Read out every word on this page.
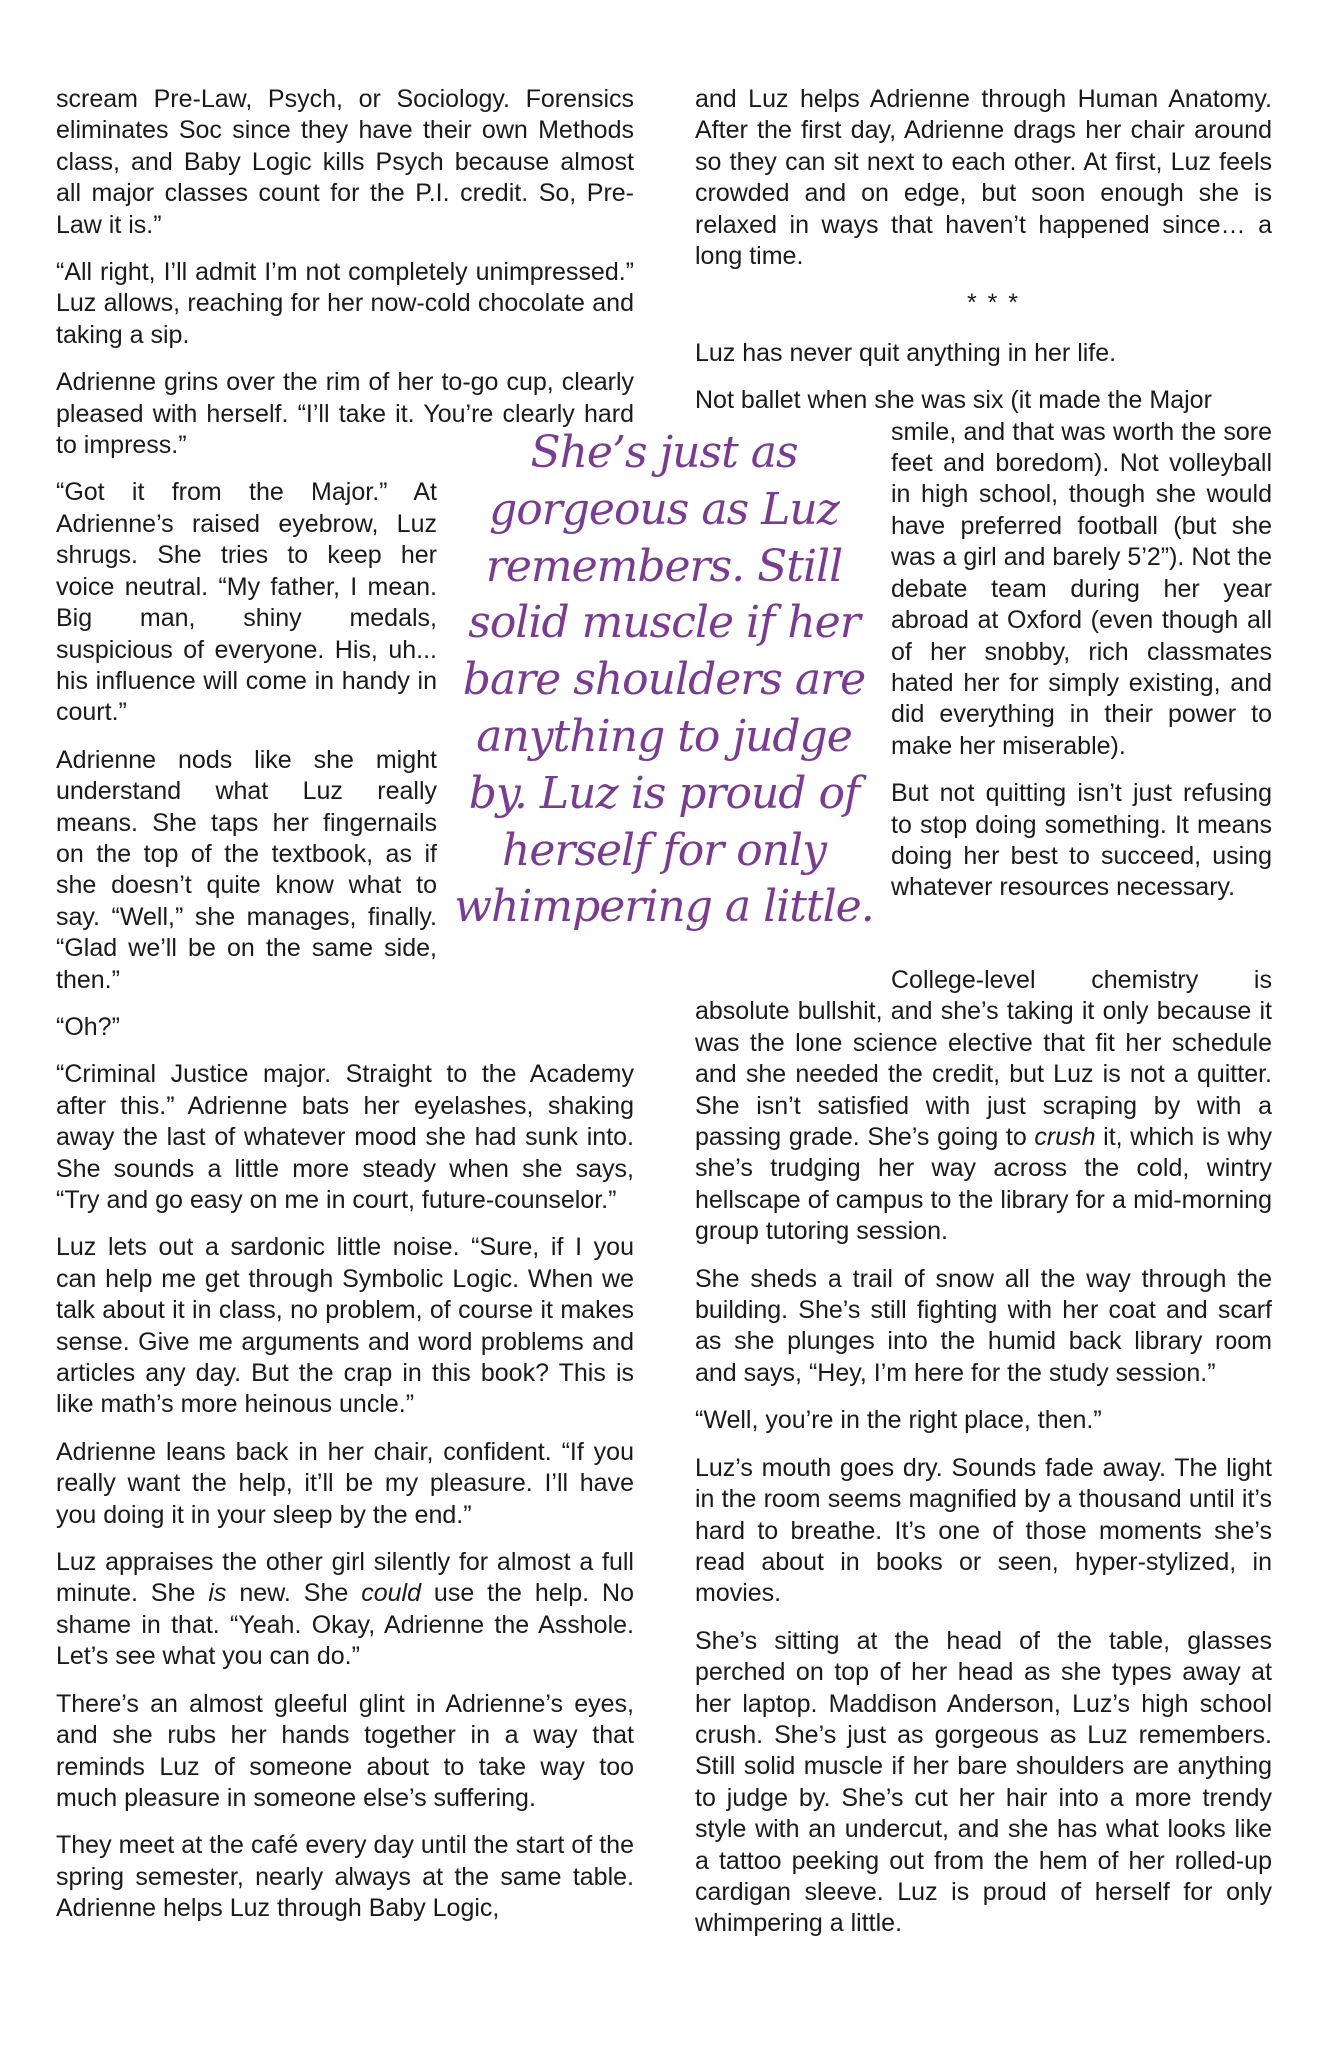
scream Pre-Law, Psych, or Sociology. Forensics eliminates Soc since they have their own Methods class, and Baby Logic kills Psych because almost all major classes count for the P.I. credit. So, Pre-Law it is.”

“All right, I’ll admit I’m not completely unimpressed.” Luz allows, reaching for her now-cold chocolate and taking a sip.

Adrienne grins over the rim of her to-go cup, clearly pleased with herself. “I’ll take it. You’re clearly hard to impress.”

“Got it from the Major.” At Adrienne’s raised eyebrow, Luz shrugs. She tries to keep her voice neutral. “My father, I mean. Big man, shiny medals, suspicious of everyone. His, uh... his influence will come in handy in court.”

Adrienne nods like she might understand what Luz really means. She taps her fingernails on the top of the textbook, as if she doesn’t quite know what to say. “Well,” she manages, finally. “Glad we’ll be on the same side, then.”

“Oh?”

“Criminal Justice major. Straight to the Academy after this.” Adrienne bats her eyelashes, shaking away the last of whatever mood she had sunk into. She sounds a little more steady when she says, “Try and go easy on me in court, future-counselor.”

Luz lets out a sardonic little noise. “Sure, if I you can help me get through Symbolic Logic. When we talk about it in class, no problem, of course it makes sense. Give me arguments and word problems and articles any day. But the crap in this book? This is like math’s more heinous uncle.”

Adrienne leans back in her chair, confident. “If you really want the help, it’ll be my pleasure. I’ll have you doing it in your sleep by the end.”

Luz appraises the other girl silently for almost a full minute. She is new. She could use the help. No shame in that. “Yeah. Okay, Adrienne the Asshole. Let’s see what you can do.”

There’s an almost gleeful glint in Adrienne’s eyes, and she rubs her hands together in a way that reminds Luz of someone about to take way too much pleasure in someone else’s suffering.

They meet at the café every day until the start of the spring semester, nearly always at the same table. Adrienne helps Luz through Baby Logic,

and Luz helps Adrienne through Human Anatomy. After the first day, Adrienne drags her chair around so they can sit next to each other. At first, Luz feels crowded and on edge, but soon enough she is relaxed in ways that haven’t happened since… a long time.

* * *

Luz has never quit anything in her life.

Not ballet when she was six (it made the Major

smile, and that was worth the sore feet and boredom). Not volleyball in high school, though she would have preferred football (but she was a girl and barely 5’2”). Not the debate team during her year abroad at Oxford (even though all of her snobby, rich classmates hated her for simply existing, and did everything in their power to make her miserable).

But not quitting isn’t just refusing to stop doing something. It means doing her best to succeed, using whatever resources necessary.

College-level chemistry is absolute bullshit, and she’s taking it only because it was the lone science elective that fit her schedule and she needed the credit, but Luz is not a quitter. She isn’t satisfied with just scraping by with a passing grade. She’s going to crush it, which is why she’s trudging her way across the cold, wintry hellscape of campus to the library for a mid-morning group tutoring session.

She sheds a trail of snow all the way through the building. She’s still fighting with her coat and scarf as she plunges into the humid back library room and says, “Hey, I’m here for the study session.”

“Well, you’re in the right place, then.”

Luz’s mouth goes dry. Sounds fade away. The light in the room seems magnified by a thousand until it’s hard to breathe. It’s one of those moments she’s read about in books or seen, hyper-stylized, in movies.

She’s sitting at the head of the table, glasses perched on top of her head as she types away at her laptop. Maddison Anderson, Luz’s high school crush. She’s just as gorgeous as Luz remembers. Still solid muscle if her bare shoulders are anything to judge by. She’s cut her hair into a more trendy style with an undercut, and she has what looks like a tattoo peeking out from the hem of her rolled-up cardigan sleeve. Luz is proud of herself for only whimpering a little.

She’s just as gorgeous as Luz remembers. Still solid muscle if her bare shoulders are anything to judge by. Luz is proud of herself for only whimpering a little.
